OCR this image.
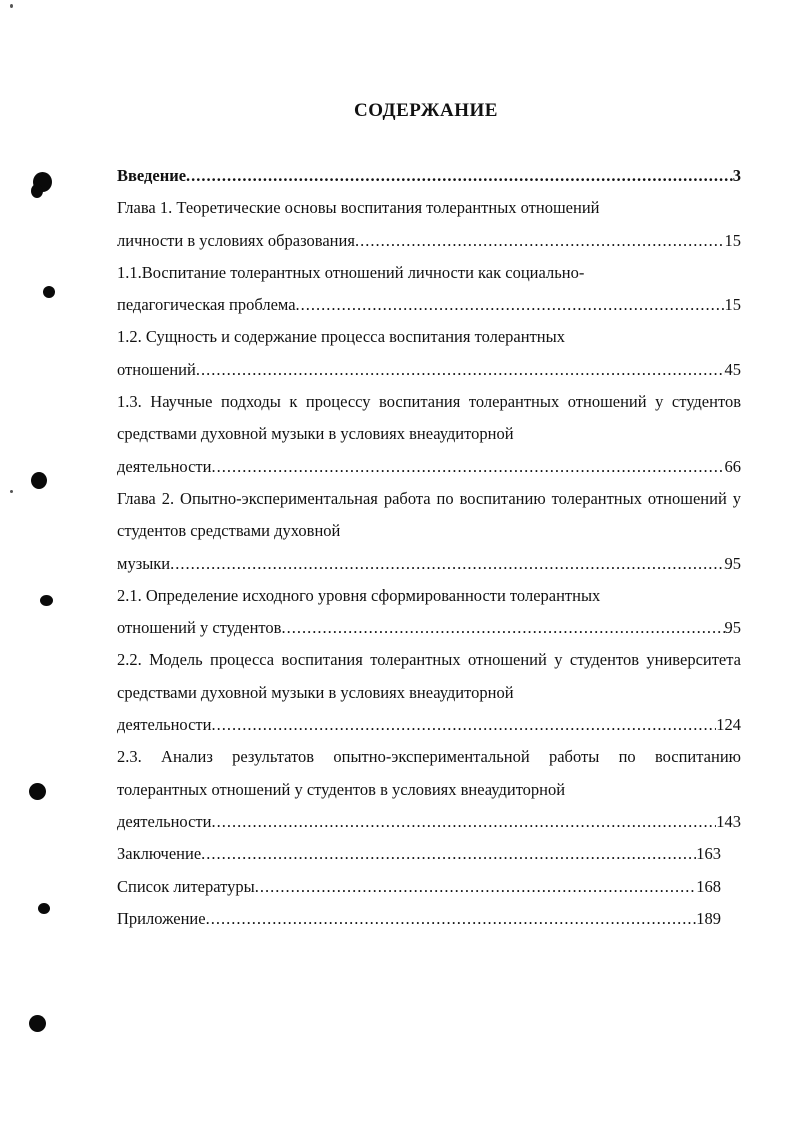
СОДЕРЖАНИЕ
Введение .....	3
Глава 1. Теоретические основы воспитания толерантных отношений
личности в условиях образования .....	15
1.1.Воспитание толерантных отношений личности как социально-
педагогическая проблема .....	15
1.2. Сущность и содержание процесса воспитания толерантных
отношений .....	45
1.3. Научные подходы к процессу воспитания толерантных отношений у студентов средствами духовной музыки в условиях внеаудиторной
деятельности .....	66
Глава 2. Опытно-экспериментальная работа по воспитанию толерантных отношений у студентов средствами духовной
музыки .....	95
2.1. Определение исходного уровня сформированности толерантных
отношений у студентов .....	95
2.2. Модель процесса воспитания толерантных отношений у студентов университета средствами духовной музыки в условиях внеаудиторной
деятельности .....	124
2.3. Анализ результатов опытно-экспериментальной работы по воспитанию толерантных отношений у студентов в условиях внеаудиторной
деятельности .....	143
Заключение .....	163
Список литературы .....	168
Приложение .....	189
